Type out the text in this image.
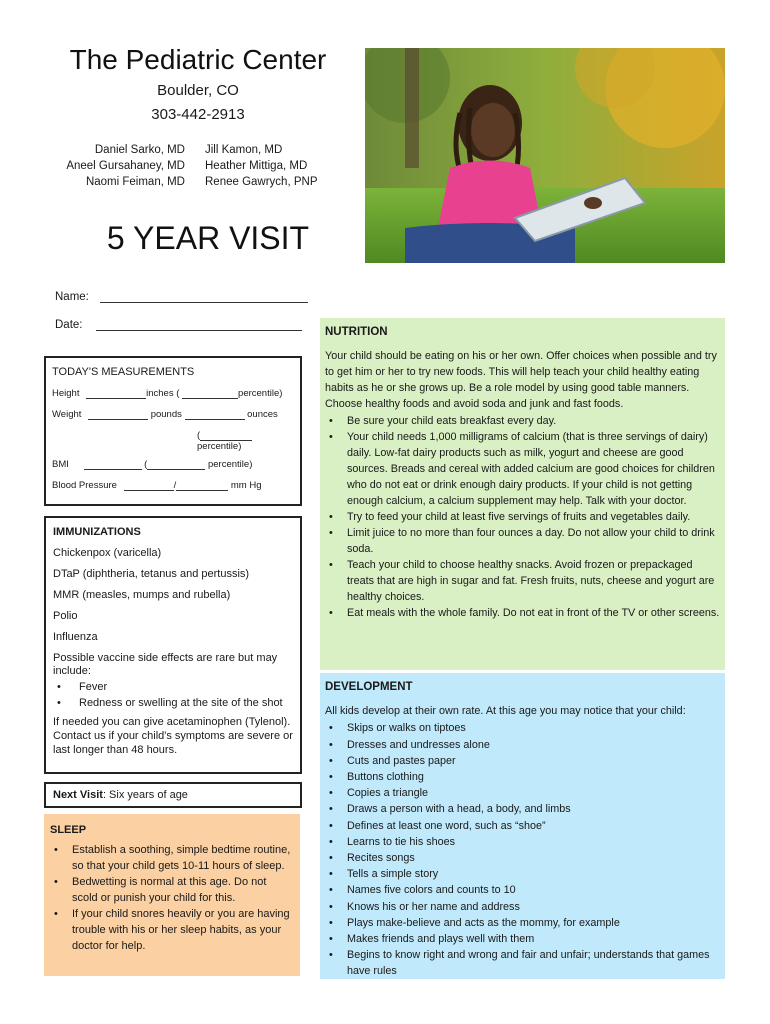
The Pediatric Center
Boulder, CO
303-442-2913
Daniel Sarko, MD
Aneel Gursahaney, MD
Naomi Feiman, MD
Jill Kamon, MD
Heather Mittiga, MD
Renee Gawrych, PNP
5 YEAR VISIT
Name:
Date:
TODAY'S MEASUREMENTS
Height	inches (	percentile)
Weight	pounds	ounces
(percentile)
BMI	(	percentile)
Blood Pressure	/	mm Hg
IMMUNIZATIONS
Chickenpox (varicella)
DTaP (diphtheria, tetanus and pertussis)
MMR (measles, mumps and rubella)
Polio
Influenza
Possible vaccine side effects are rare but may include:
• Fever
• Redness or swelling at the site of the shot
If needed you can give acetaminophen (Tylenol). Contact us if your child's symptoms are severe or last longer than 48 hours.
Next Visit: Six years of age
SLEEP
• Establish a soothing, simple bedtime routine, so that your child gets 10-11 hours of sleep.
• Bedwetting is normal at this age. Do not scold or punish your child for this.
• If your child snores heavily or you are having trouble with his or her sleep habits, as your doctor for help.
NUTRITION
Your child should be eating on his or her own. Offer choices when possible and try to get him or her to try new foods. This will help teach your child healthy eating habits as he or she grows up. Be a role model by using good table manners. Choose healthy foods and avoid soda and junk and fast foods.
• Be sure your child eats breakfast every day.
• Your child needs 1,000 milligrams of calcium (that is three servings of dairy) daily. Low-fat dairy products such as milk, yogurt and cheese are good sources. Breads and cereal with added calcium are good choices for children who do not eat or drink enough dairy products. If your child is not getting enough calcium, a calcium supplement may help. Talk with your doctor.
• Try to feed your child at least five servings of fruits and vegetables daily.
• Limit juice to no more than four ounces a day. Do not allow your child to drink soda.
• Teach your child to choose healthy snacks. Avoid frozen or prepackaged treats that are high in sugar and fat. Fresh fruits, nuts, cheese and yogurt are healthy choices.
• Eat meals with the whole family. Do not eat in front of the TV or other screens.
DEVELOPMENT
All kids develop at their own rate. At this age you may notice that your child:
• Skips or walks on tiptoes
• Dresses and undresses alone
• Cuts and pastes paper
• Buttons clothing
• Copies a triangle
• Draws a person with a head, a body, and limbs
• Defines at least one word, such as “shoe”
• Learns to tie his shoes
• Recites songs
• Tells a simple story
• Names five colors and counts to 10
• Knows his or her name and address
• Plays make-believe and acts as the mommy, for example
• Makes friends and plays well with them
• Begins to know right and wrong and fair and unfair; understands that games have rules
